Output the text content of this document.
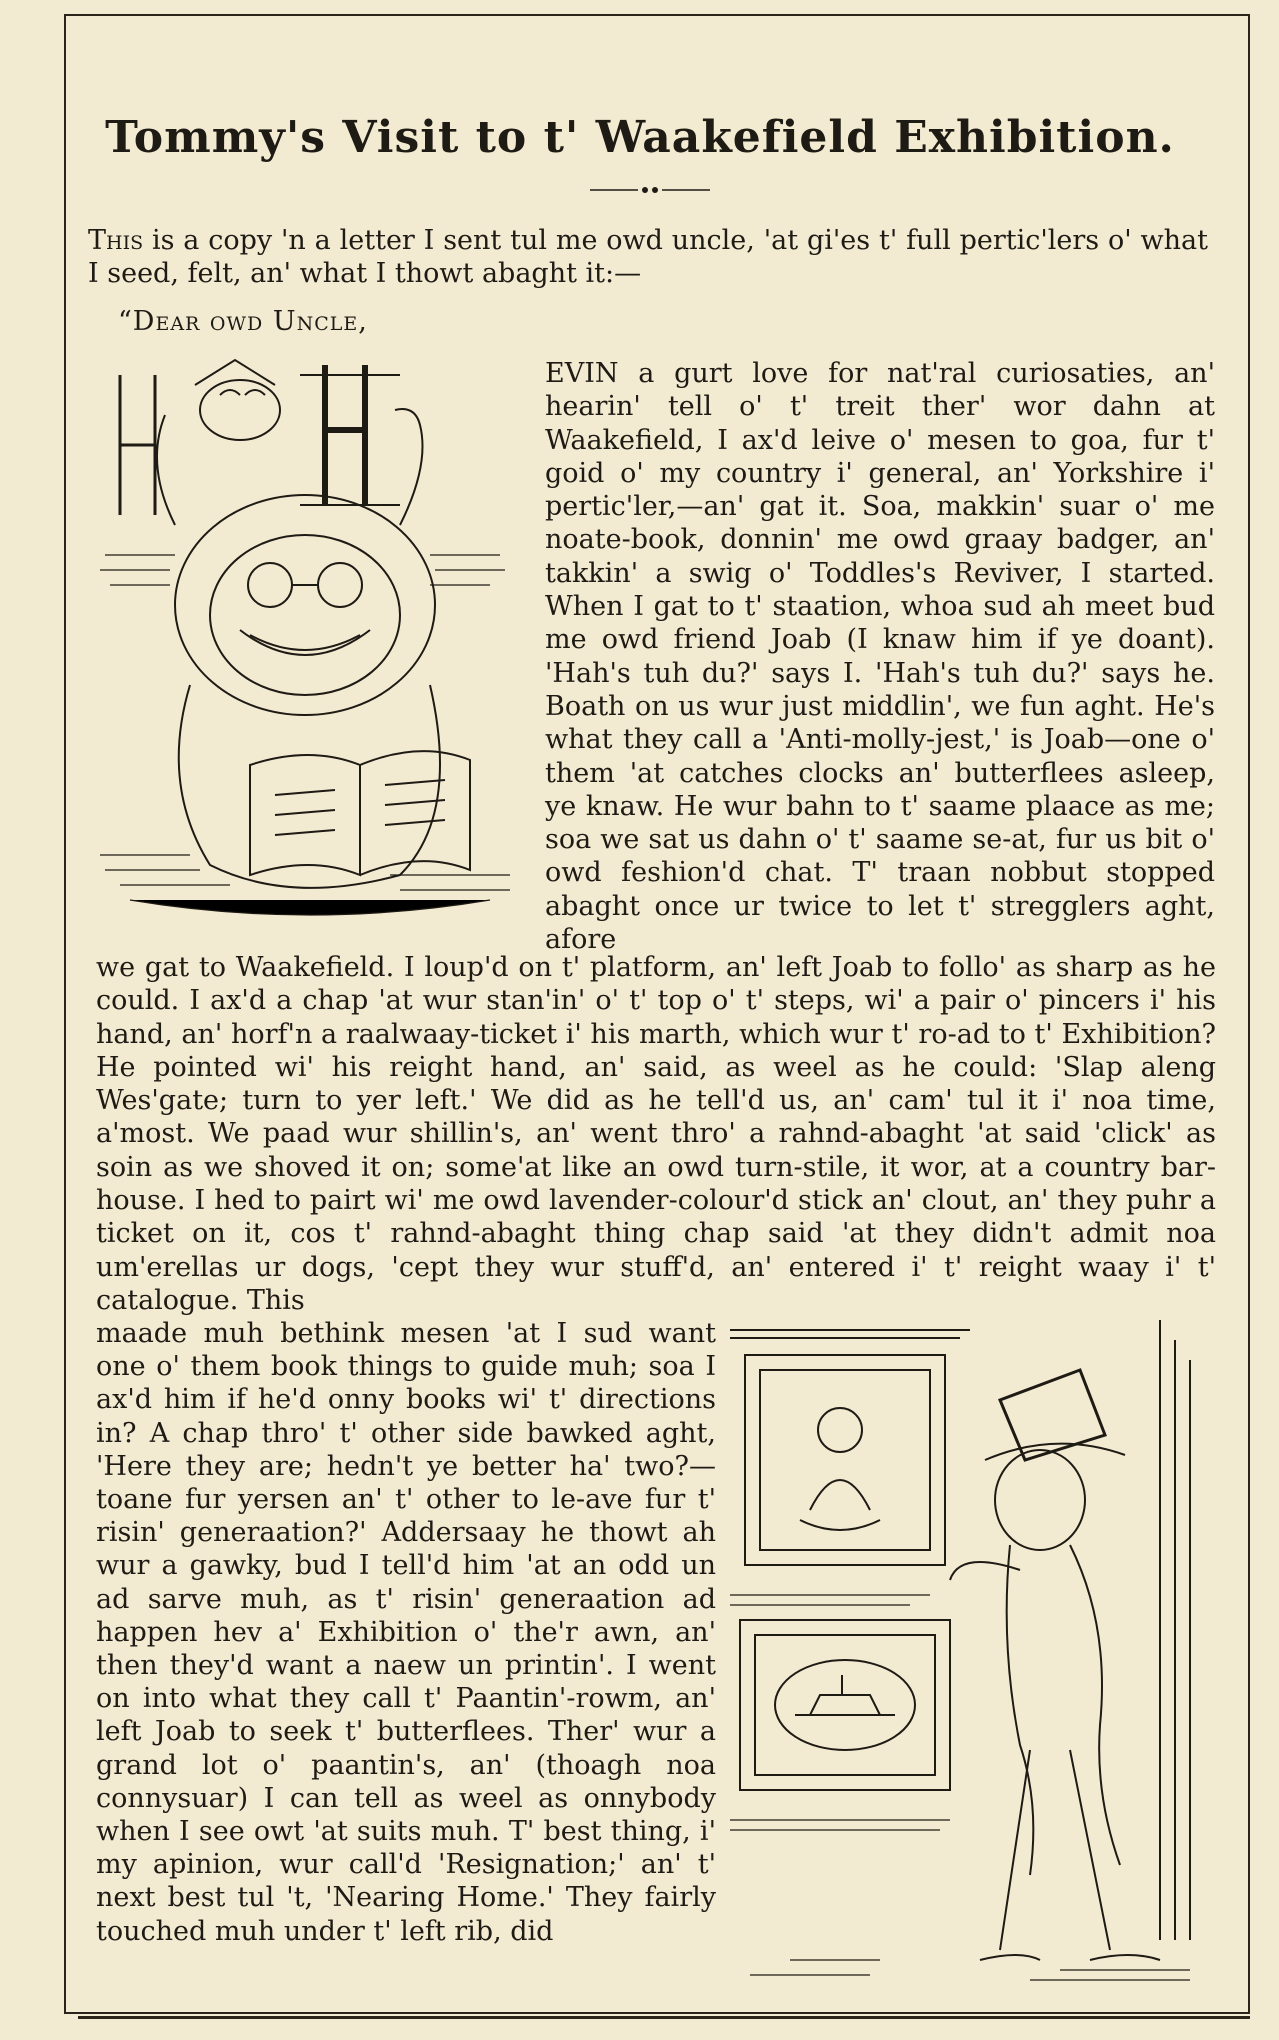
Tommy's Visit to t' Waakefield Exhibition.

This is a copy 'n a letter I sent tul me owd uncle, 'at gi'es t' full pertic'lers o' what I seed, felt, an' what I thowt abaght it:—

“Dear owd Uncle,

EVIN a gurt love for nat'ral curiosaties, an' hearin' tell o' t' treit ther' wor dahn at Waakefield, I ax'd leive o' mesen to goa, fur t' goid o' my country i' general, an' Yorkshire i' pertic'ler,—an' gat it. Soa, makkin' suar o' me noate-book, donnin' me owd graay badger, an' takkin' a swig o' Toddles's Reviver, I started. When I gat to t' staation, whoa sud ah meet bud me owd friend Joab (I knaw him if ye doant). 'Hah's tuh du?' says I. 'Hah's tuh du?' says he. Boath on us wur just middlin', we fun aght. He's what they call a 'Anti-molly-jest,' is Joab—one o' them 'at catches clocks an' butterflees asleep, ye knaw. He wur bahn to t' saame plaace as me; soa we sat us dahn o' t' saame se-at, fur us bit o' owd feshion'd chat. T' traan nobbut stopped abaght once ur twice to let t' stregglers aght, afore

we gat to Waakefield. I loup'd on t' platform, an' left Joab to follo' as sharp as he could. I ax'd a chap 'at wur stan'in' o' t' top o' t' steps, wi' a pair o' pincers i' his hand, an' horf'n a raalwaay-ticket i' his marth, which wur t' ro-ad to t' Exhibition? He pointed wi' his reight hand, an' said, as weel as he could: 'Slap aleng Wes'gate; turn to yer left.' We did as he tell'd us, an' cam' tul it i' noa time, a'most. We paad wur shillin's, an' went thro' a rahnd-abaght 'at said 'click' as soin as we shoved it on; some'at like an owd turn-stile, it wor, at a country bar-house. I hed to pairt wi' me owd lavender-colour'd stick an' clout, an' they puhr a ticket on it, cos t' rahnd-abaght thing chap said 'at they didn't admit noa um'erellas ur dogs, 'cept they wur stuff'd, an' entered i' t' reight waay i' t' catalogue. This

maade muh bethink mesen 'at I sud want one o' them book things to guide muh; soa I ax'd him if he'd onny books wi' t' directions in? A chap thro' t' other side bawked aght, 'Here they are; hedn't ye better ha' two?—toane fur yersen an' t' other to le-ave fur t' risin' generaation?' Addersaay he thowt ah wur a gawky, bud I tell'd him 'at an odd un ad sarve muh, as t' risin' generaation ad happen hev a' Exhibition o' the'r awn, an' then they'd want a naew un printin'. I went on into what they call t' Paantin'-rowm, an' left Joab to seek t' butterflees. Ther' wur a grand lot o' paantin's, an' (thoagh noa connysuar) I can tell as weel as onnybody when I see owt 'at suits muh. T' best thing, i' my apinion, wur call'd 'Resignation;' an' t' next best tul 't, 'Nearing Home.' They fairly touched muh under t' left rib, did
